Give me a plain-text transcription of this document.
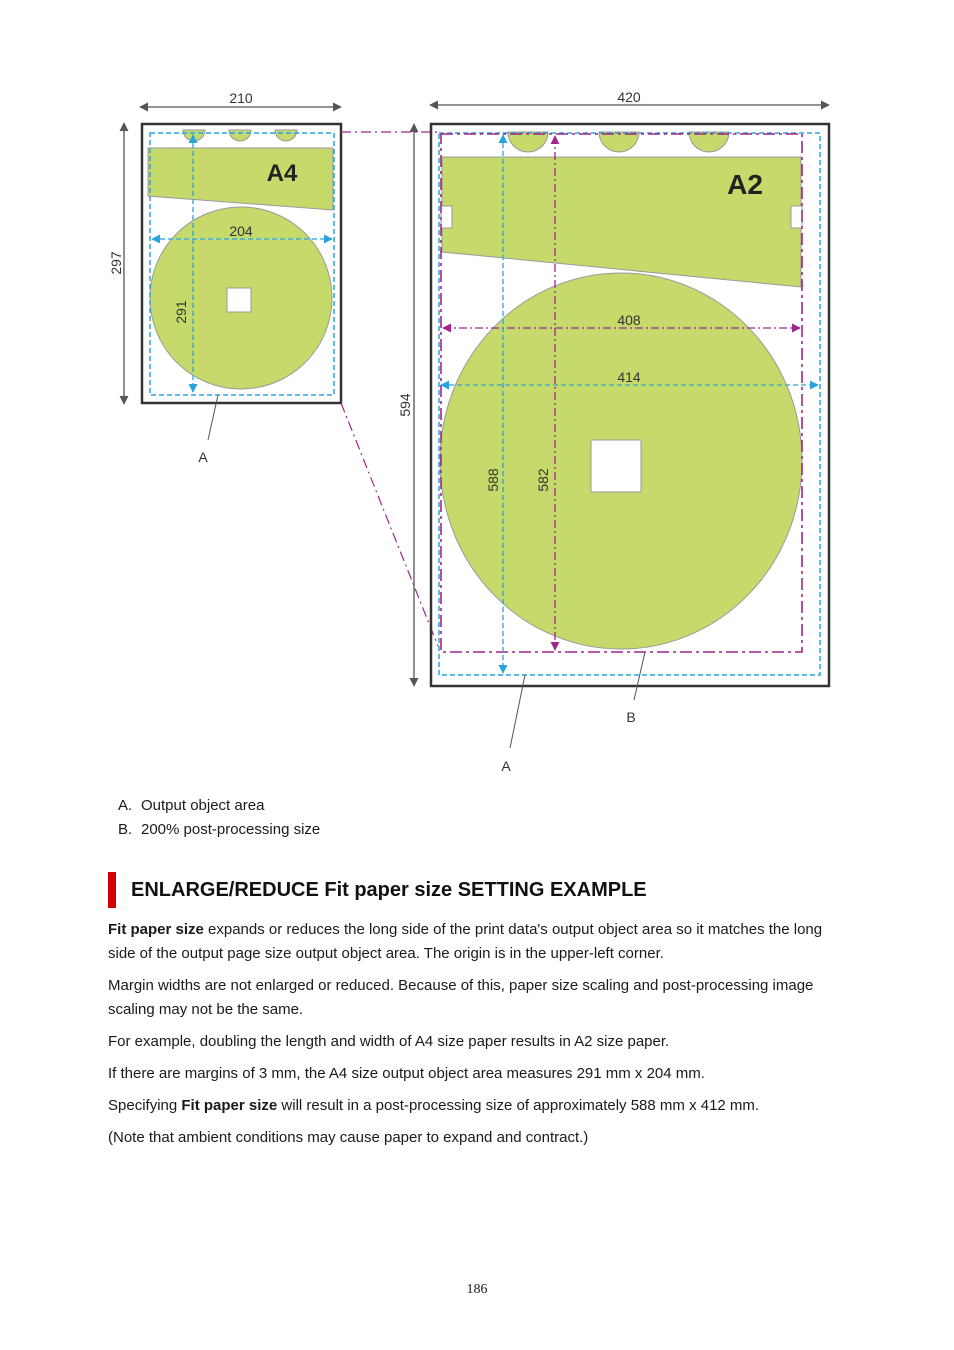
210
297
A4
204
291
A
420
594
A2
408
414
588 582
B
A
A. Output object area
B. 200% post-processing size
ENLARGE/REDUCE Fit paper size SETTING EXAMPLE

Fit paper size expands or reduces the long side of the print data's output object area so it matches the long side of the output page size output object area. The origin is in the upper-left corner.

Margin widths are not enlarged or reduced. Because of this, paper size scaling and post-processing image scaling may not be the same.

For example, doubling the length and width of A4 size paper results in A2 size paper.

If there are margins of 3 mm, the A4 size output object area measures 291 mm x 204 mm.

Specifying Fit paper size will result in a post-processing size of approximately 588 mm x 412 mm.

(Note that ambient conditions may cause paper to expand and contract.)

186
